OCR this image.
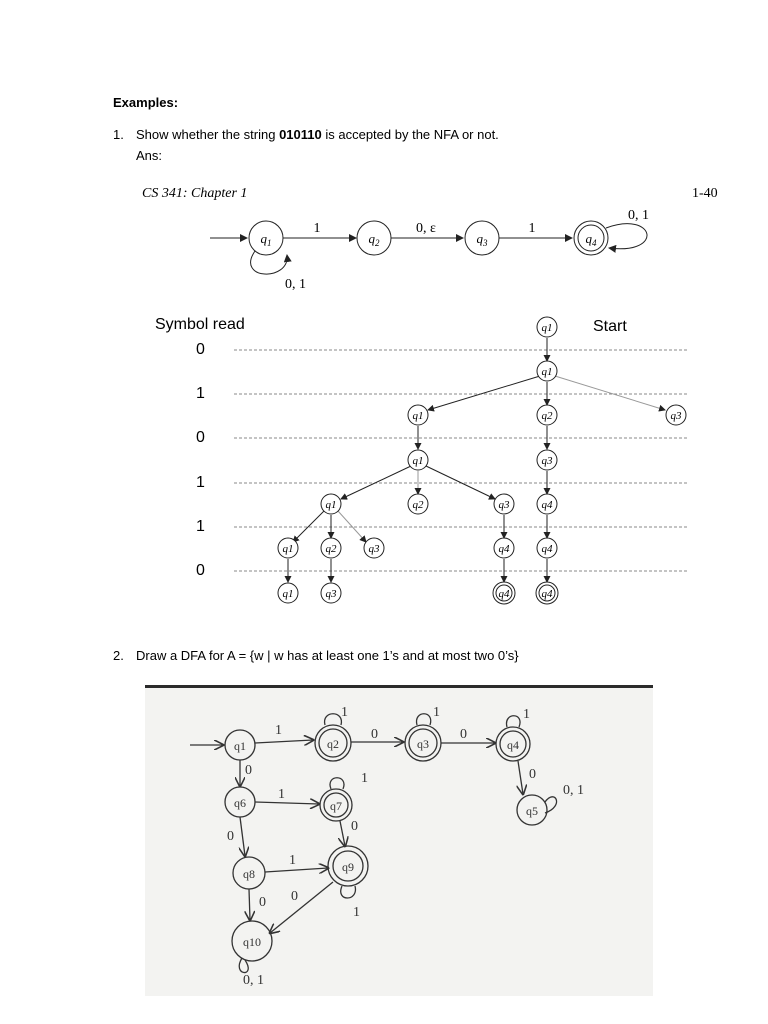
Examples:
1. Show whether the string 010110 is accepted by the NFA or not.
Ans:
CS 341: Chapter 1	1-40
$q_1$
0, 1
1
$q_2$
0, ε
$q_3$
1
$q_4$
0, 1
Symbol read	Start
0
1
0
1
1
0
q1
q1
q1	q2	q3
q1	q3
q1	q2	q3	q4
q1	q2	q3	q4	q4
q1	q3	q4	q4
2. Draw a DFA for A = {w | w has at least one 1’s and at most two 0’s}
q1	q2	q3	q4
q5
q6	q7
q8	q9
q10
1	0	0
0
0, 1
1	1	1
0
1
1
0
0
1
0 0
1
0, 1
